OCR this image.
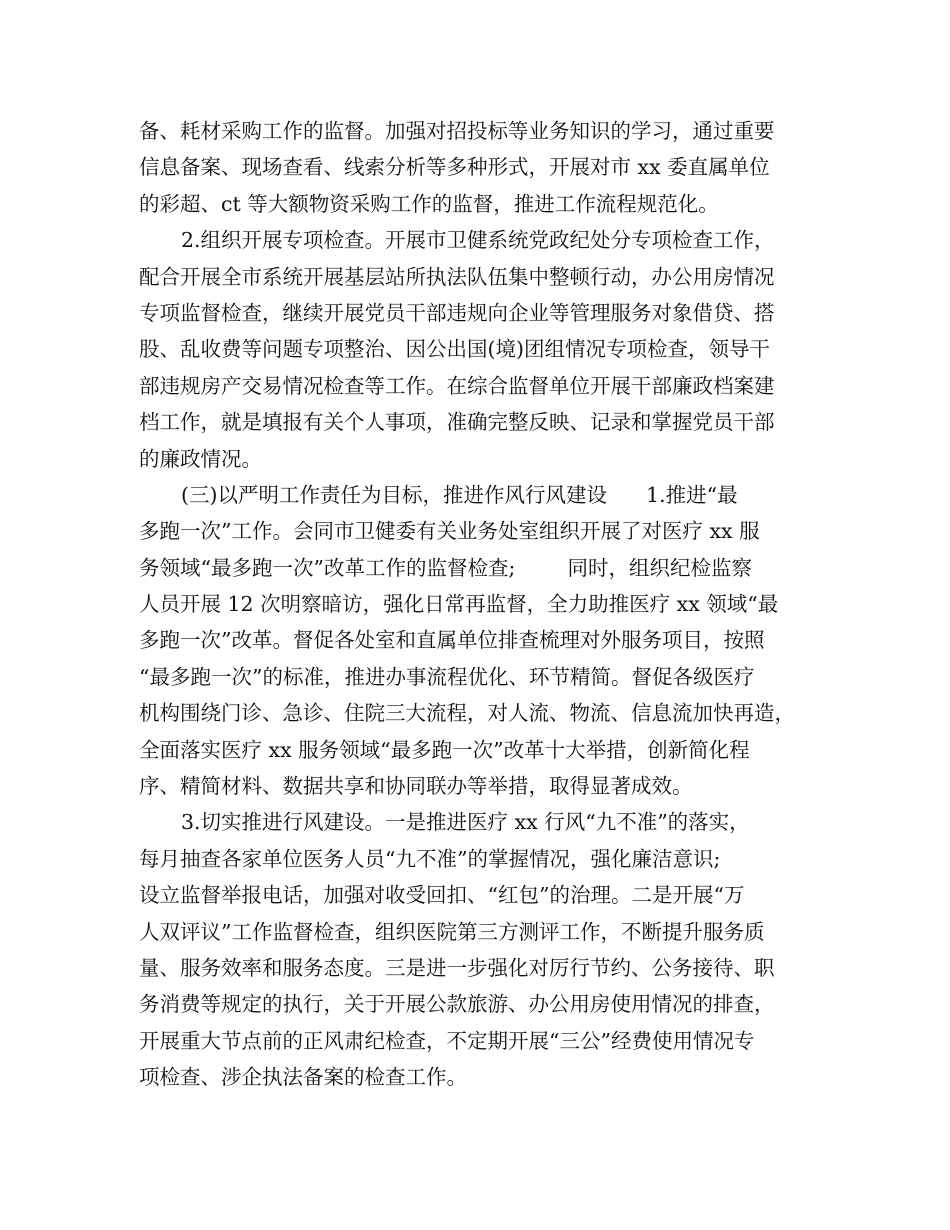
备、耗材采购工作的监督。加强对招投标等业务知识的学习，通过重要
信息备案、现场查看、线索分析等多种形式，开展对市 xx 委直属单位
的彩超、ct 等大额物资采购工作的监督，推进工作流程规范化。
2.组织开展专项检查。开展市卫健系统党政纪处分专项检查工作，
配合开展全市系统开展基层站所执法队伍集中整顿行动，办公用房情况
专项监督检查，继续开展党员干部违规向企业等管理服务对象借贷、搭
股、乱收费等问题专项整治、因公出国(境)团组情况专项检查，领导干
部违规房产交易情况检查等工作。在综合监督单位开展干部廉政档案建
档工作，就是填报有关个人事项，准确完整反映、记录和掌握党员干部
的廉政情况。
(三)以严明工作责任为目标，推进作风行风建设      1.推进“最
多跑一次”工作。会同市卫健委有关业务处室组织开展了对医疗 xx 服
务领域“最多跑一次”改革工作的监督检查;        同时，组织纪检监察
人员开展 12 次明察暗访，强化日常再监督，全力助推医疗 xx 领域“最
多跑一次”改革。督促各处室和直属单位排查梳理对外服务项目，按照
“最多跑一次”的标准，推进办事流程优化、环节精简。督促各级医疗
机构围绕门诊、急诊、住院三大流程，对人流、物流、信息流加快再造，
全面落实医疗 xx 服务领域“最多跑一次”改革十大举措，创新简化程
序、精简材料、数据共享和协同联办等举措，取得显著成效。
3.切实推进行风建设。一是推进医疗 xx 行风“九不准”的落实，
每月抽查各家单位医务人员“九不准”的掌握情况，强化廉洁意识;
设立监督举报电话，加强对收受回扣、“红包”的治理。二是开展“万
人双评议”工作监督检查，组织医院第三方测评工作，不断提升服务质
量、服务效率和服务态度。三是进一步强化对厉行节约、公务接待、职
务消费等规定的执行，关于开展公款旅游、办公用房使用情况的排查，
开展重大节点前的正风肃纪检查，不定期开展“三公”经费使用情况专
项检查、涉企执法备案的检查工作。
